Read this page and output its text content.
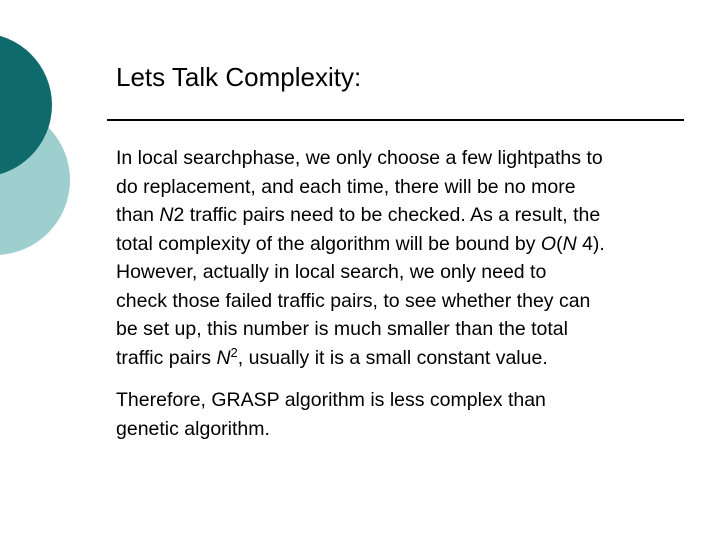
Lets Talk Complexity:

In local searchphase, we only choose a few lightpaths to
do replacement, and each time, there will be no more
than N2 traffic pairs need to be checked. As a result, the
total complexity of the algorithm will be bound by O(N 4).
However, actually in local search, we only need to
check those failed traffic pairs, to see whether they can
be set up, this number is much smaller than the total
traffic pairs $N^2$, usually it is a small constant value.

Therefore, GRASP algorithm is less complex than
genetic algorithm.
